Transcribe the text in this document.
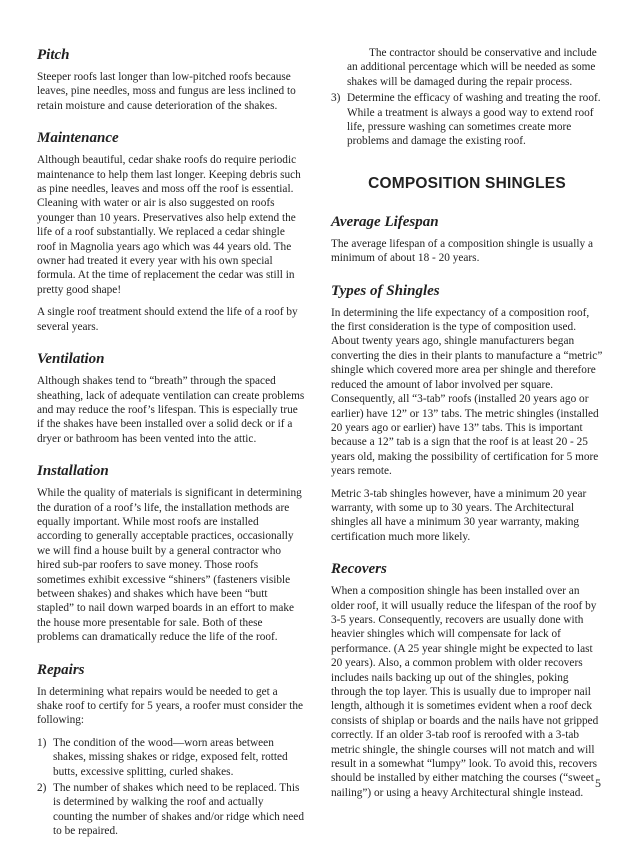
Pitch

Steeper roofs last longer than low-pitched roofs because leaves, pine needles, moss and fungus are less inclined to retain moisture and cause deterioration of the shakes.

Maintenance

Although beautiful, cedar shake roofs do require periodic maintenance to help them last longer. Keeping debris such as pine needles, leaves and moss off the roof is essential. Cleaning with water or air is also suggested on roofs younger than 10 years. Preservatives also help extend the life of a roof substantially. We replaced a cedar shingle roof in Magnolia years ago which was 44 years old. The owner had treated it every year with his own special formula. At the time of replacement the cedar was still in pretty good shape!

A single roof treatment should extend the life of a roof by several years.

Ventilation

Although shakes tend to “breath” through the spaced sheathing, lack of adequate ventilation can create problems and may reduce the roof’s lifespan. This is especially true if the shakes have been installed over a solid deck or if a dryer or bathroom has been vented into the attic.

Installation

While the quality of materials is significant in determining the duration of a roof’s life, the installation methods are equally important. While most roofs are installed according to generally acceptable practices, occasionally we will find a house built by a general contractor who hired sub-par roofers to save money. Those roofs sometimes exhibit excessive “shiners” (fasteners visible between shakes) and shakes which have been “butt stapled” to nail down warped boards in an effort to make the house more presentable for sale. Both of these problems can dramatically reduce the life of the roof.

Repairs

In determining what repairs would be needed to get a shake roof to certify for 5 years, a roofer must consider the following:

1) The condition of the wood—worn areas between shakes, missing shakes or ridge, exposed felt, rotted butts, excessive splitting, curled shakes.
2) The number of shakes which need to be replaced. This is determined by walking the roof and actually counting the number of shakes and/or ridge which need to be repaired.

The contractor should be conservative and include an additional percentage which will be needed as some shakes will be damaged during the repair process.

3) Determine the efficacy of washing and treating the roof. While a treatment is always a good way to extend roof life, pressure washing can sometimes create more problems and damage the existing roof.
COMPOSITION SHINGLES
Average Lifespan

The average lifespan of a composition shingle is usually a minimum of about 18 - 20 years.

Types of Shingles

In determining the life expectancy of a composition roof, the first consideration is the type of composition used. About twenty years ago, shingle manufacturers began converting the dies in their plants to manufacture a “metric” shingle which covered more area per shingle and therefore reduced the amount of labor involved per square. Consequently, all “3-tab” roofs (installed 20 years ago or earlier) have 12” or 13” tabs. The metric shingles (installed 20 years ago or earlier) have 13” tabs. This is important because a 12” tab is a sign that the roof is at least 20 - 25 years old, making the possibility of certification for 5 more years remote.

Metric 3-tab shingles however, have a minimum 20 year warranty, with some up to 30 years. The Architectural shingles all have a minimum 30 year warranty, making certification much more likely.

Recovers

When a composition shingle has been installed over an older roof, it will usually reduce the lifespan of the roof by 3-5 years. Consequently, recovers are usually done with heavier shingles which will compensate for lack of performance. (A 25 year shingle might be expected to last 20 years). Also, a common problem with older recovers includes nails backing up out of the shingles, poking through the top layer. This is usually due to improper nail length, although it is sometimes evident when a roof deck consists of shiplap or boards and the nails have not gripped correctly. If an older 3-tab roof is reroofed with a 3-tab metric shingle, the shingle courses will not match and will result in a somewhat “lumpy” look. To avoid this, recovers should be installed by either matching the courses (“sweet nailing”) or using a heavy Architectural shingle instead.

5
